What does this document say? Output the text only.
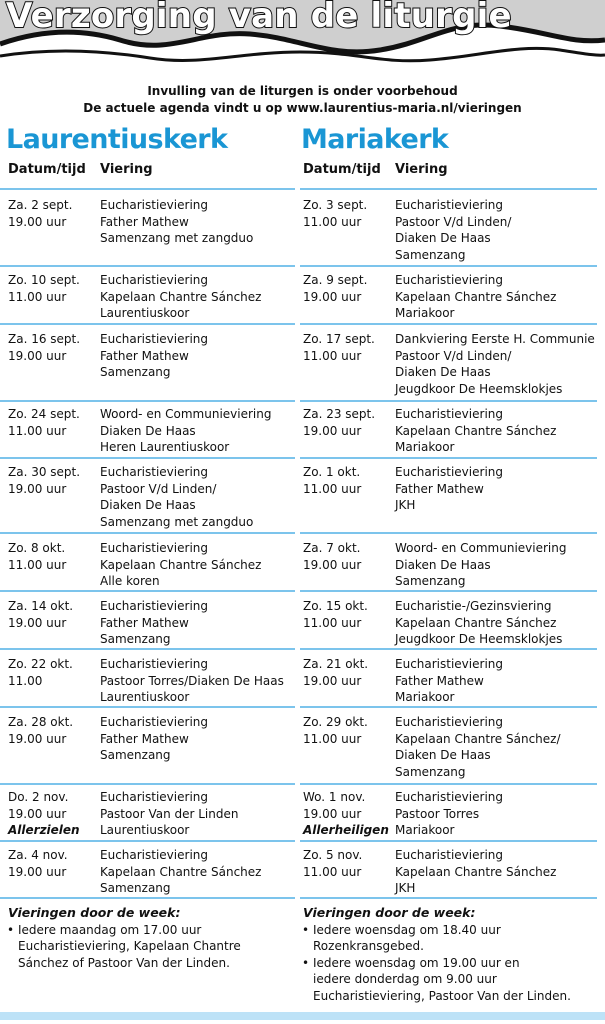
Verzorging van de liturgie
Invulling van de liturgen is onder voorbehoud
De actuele agenda vindt u op www.laurentius-maria.nl/vieringen
Laurentiuskerk
Datum/tijd Viering
Za. 2 sept.
19.00 uur
Eucharistieviering
Father Mathew
Samenzang met zangduo
Zo. 10 sept.
11.00 uur
Eucharistieviering
Kapelaan Chantre Sánchez
Laurentiuskoor
Za. 16 sept.
19.00 uur
Eucharistieviering
Father Mathew
Samenzang
Zo. 24 sept.
11.00 uur
Woord- en Communieviering
Diaken De Haas
Heren Laurentiuskoor
Za. 30 sept.
19.00 uur
Eucharistieviering
Pastoor V/d Linden/
Diaken De Haas
Samenzang met zangduo
Zo. 8 okt.
11.00 uur
Eucharistieviering
Kapelaan Chantre Sánchez
Alle koren
Za. 14 okt.
19.00 uur
Eucharistieviering
Father Mathew
Samenzang
Zo. 22 okt.
11.00
Eucharistieviering
Pastoor Torres/Diaken De Haas
Laurentiuskoor
Za. 28 okt.
19.00 uur
Eucharistieviering
Father Mathew
Samenzang
Do. 2 nov.
19.00 uur
Allerzielen
Eucharistieviering
Pastoor Van der Linden
Laurentiuskoor
Za. 4 nov.
19.00 uur
Eucharistieviering
Kapelaan Chantre Sánchez
Samenzang
Vieringen door de week:
• Iedere maandag om 17.00 uur
Eucharistieviering, Kapelaan Chantre
Sánchez of Pastoor Van der Linden.
Mariakerk
Datum/tijd Viering
Zo. 3 sept.
11.00 uur
Eucharistieviering
Pastoor V/d Linden/
Diaken De Haas
Samenzang
Za. 9 sept.
19.00 uur
Eucharistieviering
Kapelaan Chantre Sánchez
Mariakoor
Zo. 17 sept.
11.00 uur
Dankviering Eerste H. Communie
Pastoor V/d Linden/
Diaken De Haas
Jeugdkoor De Heemsklokjes
Za. 23 sept.
19.00 uur
Eucharistieviering
Kapelaan Chantre Sánchez
Mariakoor
Zo. 1 okt.
11.00 uur
Eucharistieviering
Father Mathew
JKH
Za. 7 okt.
19.00 uur
Woord- en Communieviering
Diaken De Haas
Samenzang
Zo. 15 okt.
11.00 uur
Eucharistie-/Gezinsviering
Kapelaan Chantre Sánchez
Jeugdkoor De Heemsklokjes
Za. 21 okt.
19.00 uur
Eucharistieviering
Father Mathew
Mariakoor
Zo. 29 okt.
11.00 uur
Eucharistieviering
Kapelaan Chantre Sánchez/
Diaken De Haas
Samenzang
Wo. 1 nov.
19.00 uur
Allerheiligen
Eucharistieviering
Pastoor Torres
Mariakoor
Zo. 5 nov.
11.00 uur
Eucharistieviering
Kapelaan Chantre Sánchez
JKH
Vieringen door de week:
• Iedere woensdag om 18.40 uur
Rozenkransgebed.
• Iedere woensdag om 19.00 uur en
iedere donderdag om 9.00 uur
Eucharistieviering, Pastoor Van der Linden.
